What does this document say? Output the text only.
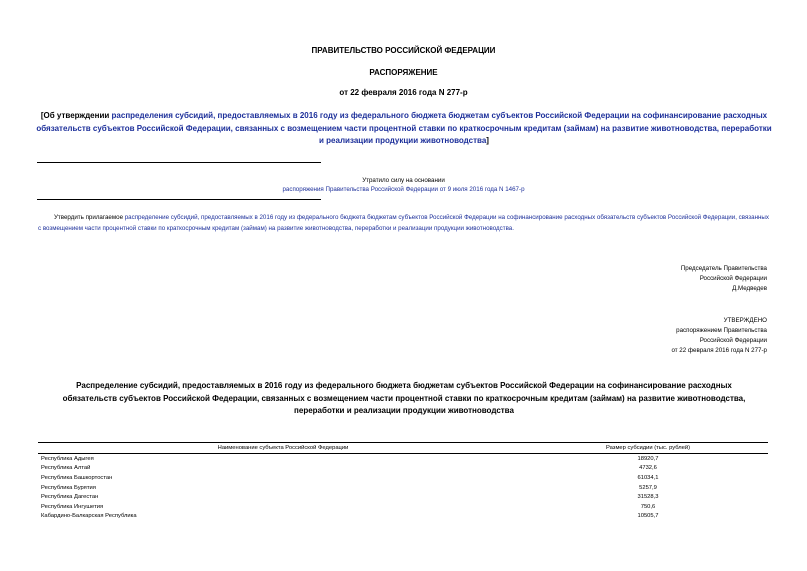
ПРАВИТЕЛЬСТВО РОССИЙСКОЙ ФЕДЕРАЦИИ
РАСПОРЯЖЕНИЕ
от 22 февраля 2016 года N 277-р
[Об утверждении распределения субсидий, предоставляемых в 2016 году из федерального бюджета бюджетам субъектов Российской Федерации на софинансирование расходных обязательств субъектов Российской Федерации, связанных с возмещением части процентной ставки по краткосрочным кредитам (займам) на развитие животноводства, переработки и реализации продукции животноводства]
Утратило силу на основании
распоряжения Правительства Российской Федерации от 9 июля 2016 года N 1467-р
Утвердить прилагаемое распределение субсидий, предоставляемых в 2016 году из федерального бюджета бюджетам субъектов Российской Федерации на софинансирование расходных обязательств субъектов Российской Федерации, связанных с возмещением части процентной ставки по краткосрочным кредитам (займам) на развитие животноводства, переработки и реализации продукции животноводства.
Председатель Правительства
Российской Федерации
Д.Медведев
УТВЕРЖДЕНО
распоряжением Правительства
Российской Федерации
от 22 февраля 2016 года N 277-р
Распределение субсидий, предоставляемых в 2016 году из федерального бюджета бюджетам субъектов Российской Федерации на софинансирование расходных обязательств субъектов Российской Федерации, связанных с возмещением части процентной ставки по краткосрочным кредитам (займам) на развитие животноводства, переработки и реализации продукции животноводства
Наименование субъекта Российской Федерации	Размер субсидии (тыс. рублей)
Республика Адыгея	18920,7
Республика Алтай	4732,6
Республика Башкортостан	61034,1
Республика Бурятия	5257,9
Республика Дагестан	31528,3
Республика Ингушетия	750,6
Кабардино-Балкарская Республика	10505,7
